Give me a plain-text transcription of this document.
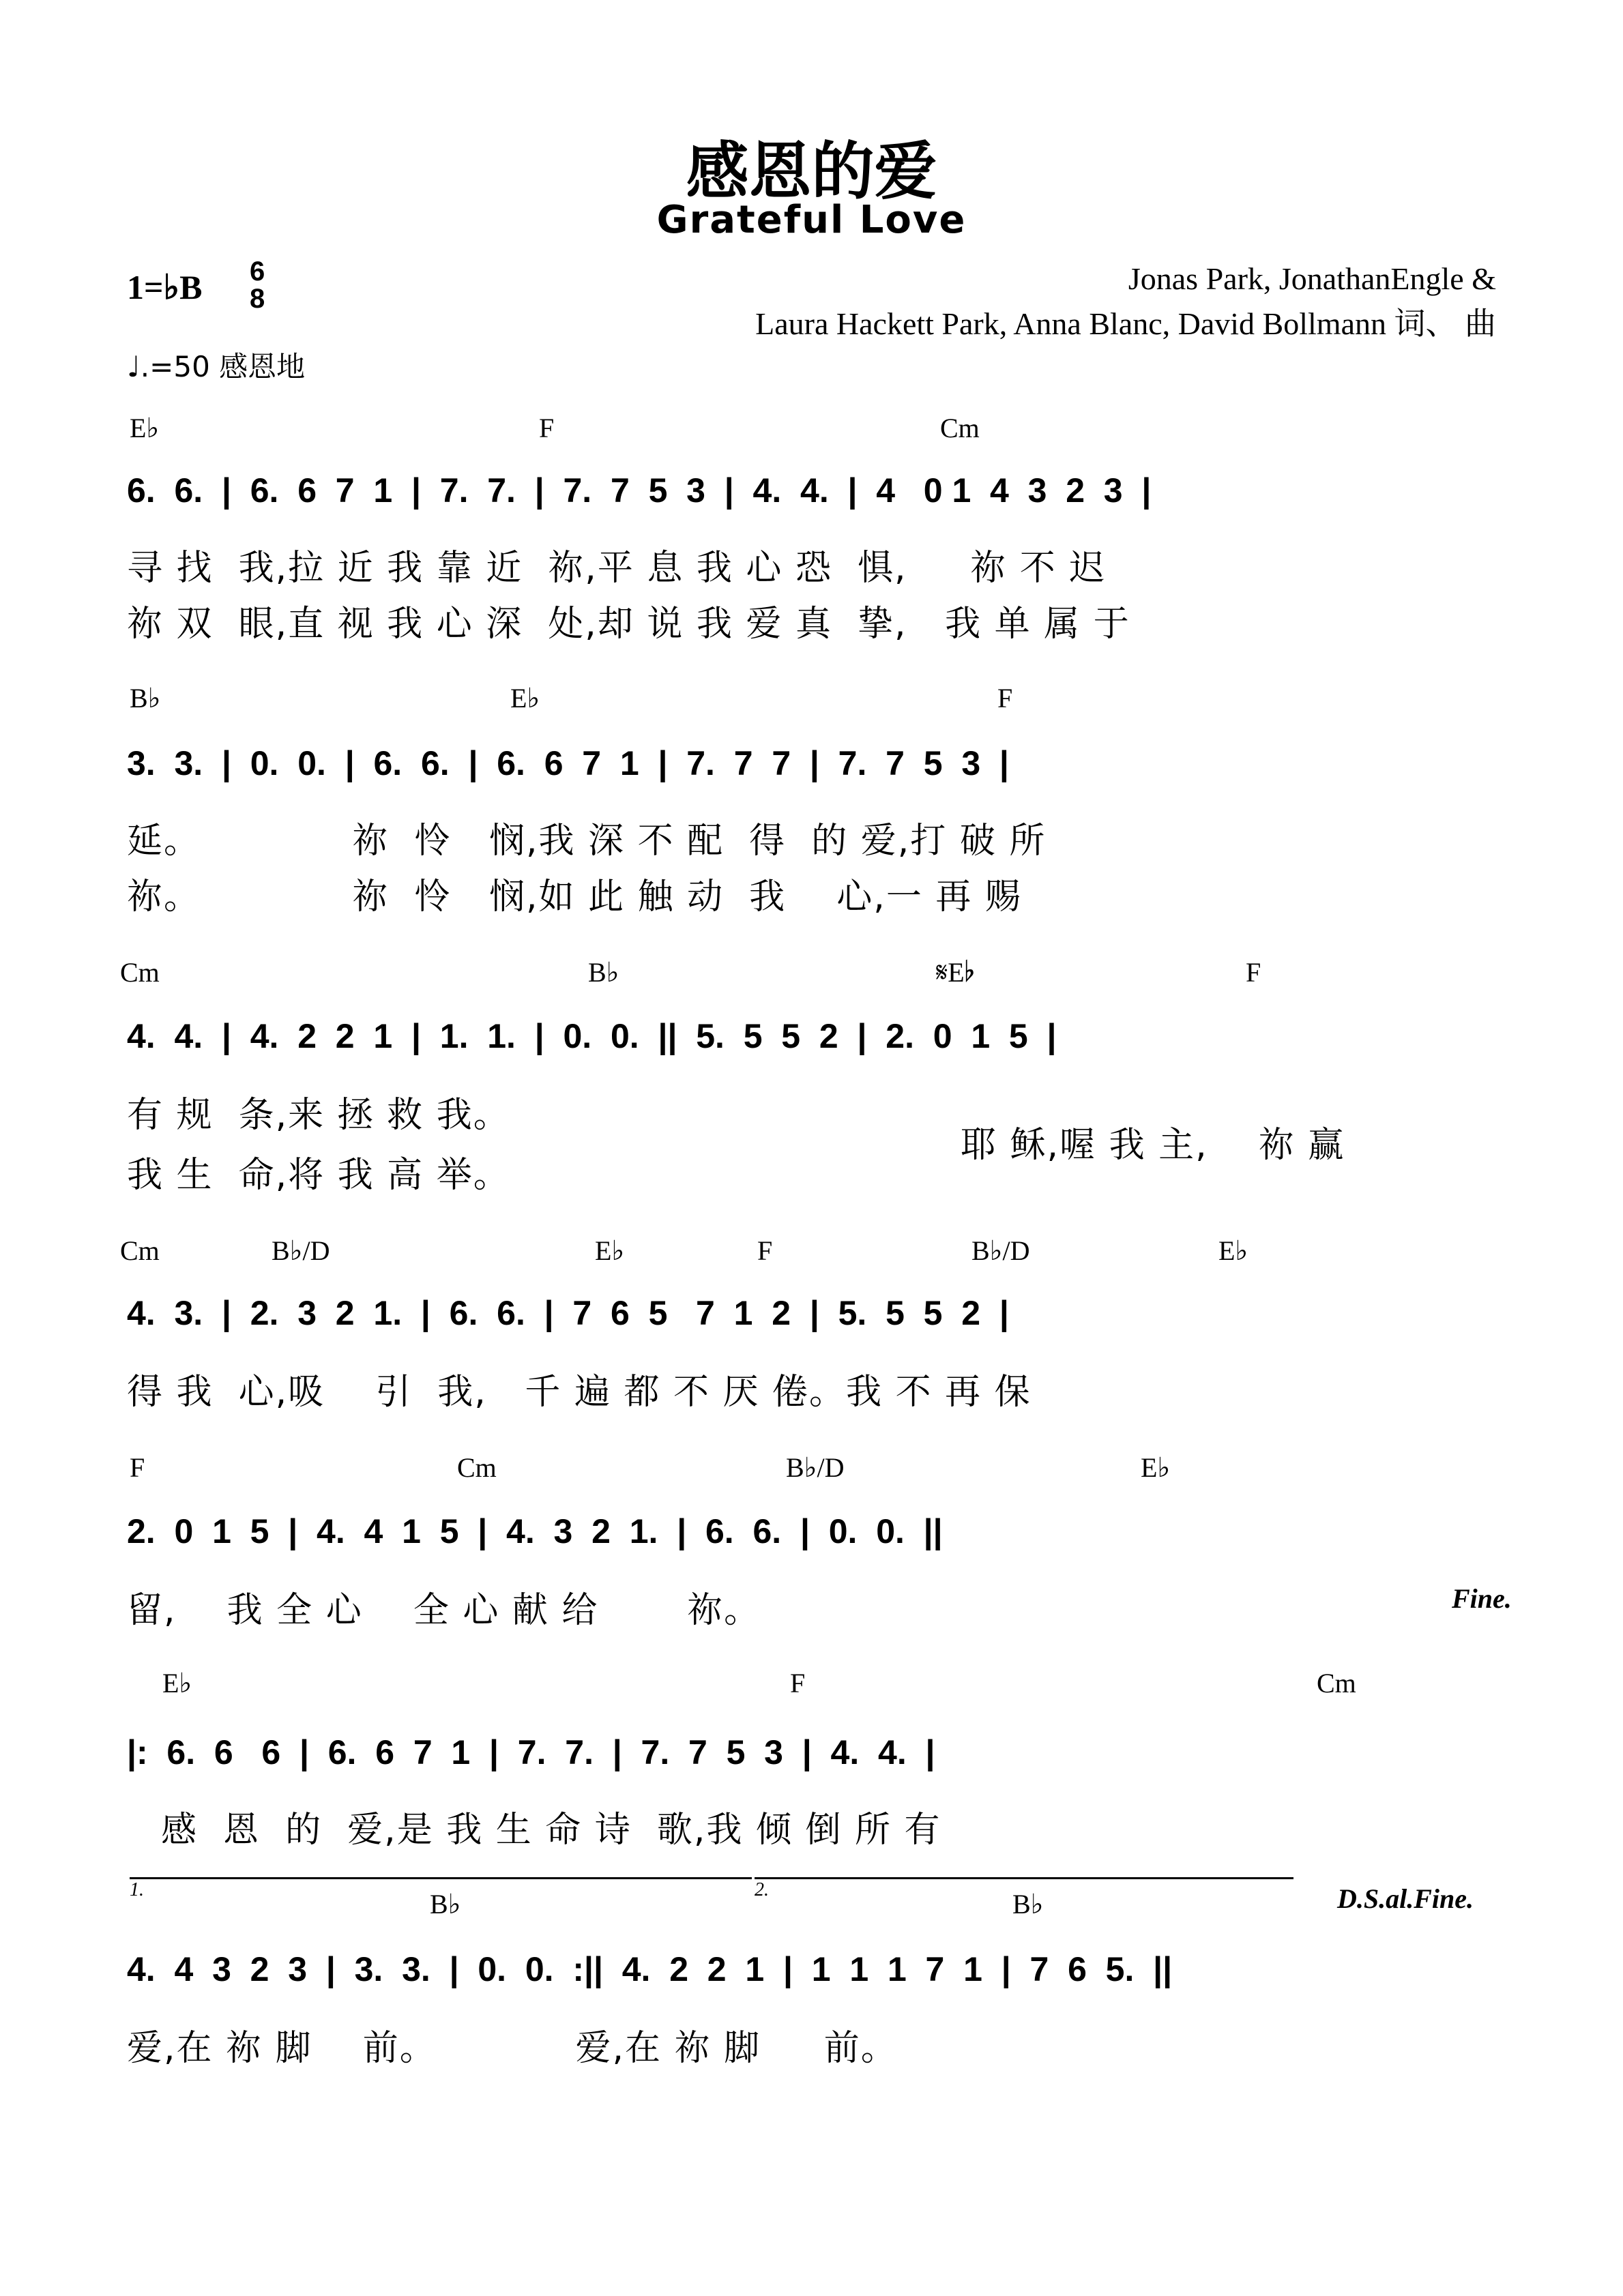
感恩的爱
Grateful Love
1=♭B 6
8
♩.=50 感恩地
Jonas Park, JonathanEngle &
Laura Hackett Park, Anna Blanc, David Bollmann 词、 曲
E♭	F	Cm
6.  6.  |  6.  6  7  1  |  7.  7.  |  7.  7  5  3  |  4.  4.  |  4   0 1  4  3  2  3  |
寻 找  我,拉 近 我 靠 近  祢,平 息 我 心 恐  惧,     祢 不 迟
祢 双  眼,直 视 我 心 深  处,却 说 我 爱 真  挚,   我 单 属 于
B♭	E♭	F
3.  3.  |  0.  0.  |  6.  6.  |  6.  6  7  1  |  7.  7  7  |  7.  7  5  3  |
延。            祢  怜   悯,我 深 不 配  得  的 爱,打 破 所
祢。            祢  怜   悯,如 此 触 动  我    心,一 再 赐
Cm	B♭	𝄋E♭	F
4.  4.  |  4.  2  2  1  |  1.  1.  |  0.  0.  ||  5.  5  5  2  |  2.  0  1  5  |
有 规  条,来 拯 救 我。
我 生  命,将 我 高 举。
耶 稣,喔 我 主,    祢 赢
Cm	B♭/D	E♭	F	B♭/D	E♭
4.  3.  |  2.  3  2  1.  |  6.  6.  |  7  6  5   7  1  2  |  5.  5  5  2  |
得 我  心,吸    引  我,   千 遍 都 不 厌 倦。我 不 再 保
F	Cm	B♭/D	E♭
2.  0  1  5  |  4.  4  1  5  |  4.  3  2  1.  |  6.  6.  |  0.  0.  ||
留,    我 全 心    全 心 献 给       祢。	Fine.
E♭	F	Cm
|:  6.  6   6  |  6.  6  7  1  |  7.  7.  |  7.  7  5  3  |  4.  4.  |
感  恩  的  爱,是 我 生 命 诗  歌,我 倾 倒 所 有
1.	2.	D.S.al.Fine.
B♭	B♭
4.  4  3  2  3  |  3.  3.  |  0.  0.  :||  4.  2  2  1  |  1  1  1  7  1  |  7  6  5.  ||
爱,在 祢 脚    前。           爱,在 祢 脚     前。
